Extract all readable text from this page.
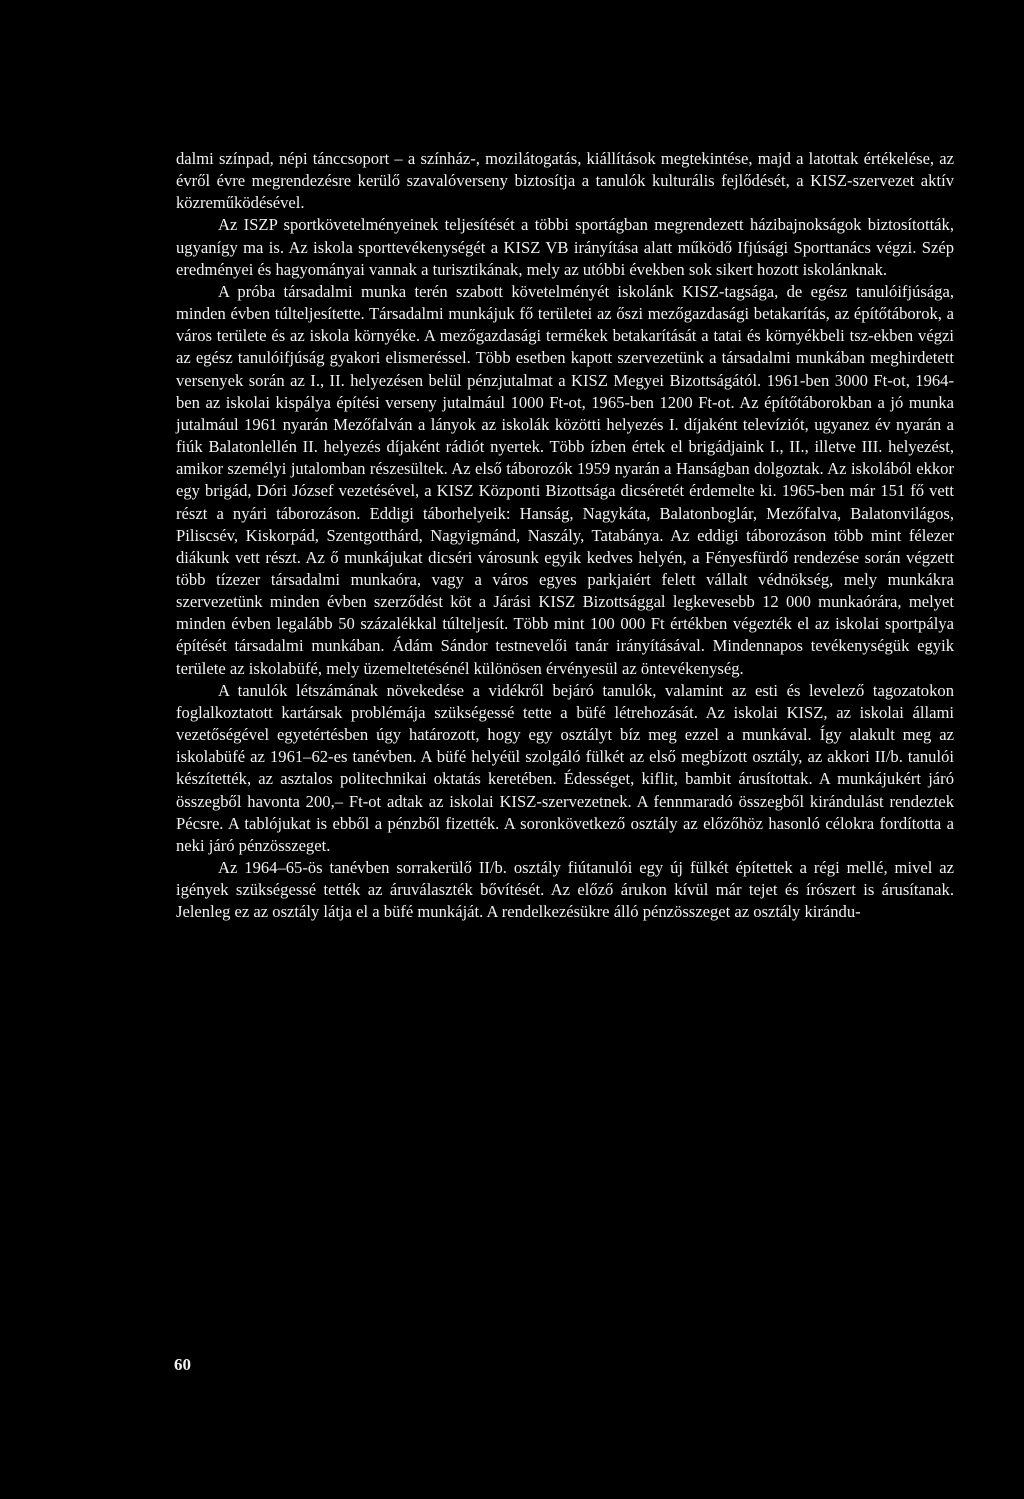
dalmi színpad, népi tánccsoport – a színház-, mozilátogatás, kiállítások megtekintése, majd a latottak értékelése, az évről évre megrendezésre kerülő szavalóverseny biztosítja a tanulók kulturális fejlődését, a KISZ-szervezet aktív közreműködésével.

Az ISZP sportkövetelményeinek teljesítését a többi sportágban megrendezett házibajnokságok biztosították, ugyanígy ma is. Az iskola sporttevékenységét a KISZ VB irányítása alatt működő Ifjúsági Sporttanács végzi. Szép eredményei és hagyományai vannak a turisztikának, mely az utóbbi években sok sikert hozott iskolánknak.

A próba társadalmi munka terén szabott követelményét iskolánk KISZ-tagsága, de egész tanulóifjúsága, minden évben túlteljesítette. Társadalmi munkájuk fő területei az őszi mezőgazdasági betakarítás, az építőtáborok, a város területe és az iskola környéke. A mezőgazdasági termékek betakarítását a tatai és környékbeli tsz-ekben végzi az egész tanulóifjúság gyakori elismeréssel. Több esetben kapott szervezetünk a társadalmi munkában meghirdetett versenyek során az I., II. helyezésen belül pénzjutalmat a KISZ Megyei Bizottságától. 1961-ben 3000 Ft-ot, 1964-ben az iskolai kispálya építési verseny jutalmául 1000 Ft-ot, 1965-ben 1200 Ft-ot. Az építőtáborokban a jó munka jutalmául 1961 nyarán Mezőfalván a lányok az iskolák közötti helyezés I. díjaként televíziót, ugyanez év nyarán a fiúk Balatonlellén II. helyezés díjaként rádiót nyertek. Több ízben értek el brigádjaink I., II., illetve III. helyezést, amikor személyi jutalomban részesültek. Az első táborozók 1959 nyarán a Hanságban dolgoztak. Az iskolából ekkor egy brigád, Dóri József vezetésével, a KISZ Központi Bizottsága dicséretét érdemelte ki. 1965-ben már 151 fő vett részt a nyári táborozáson. Eddigi táborhelyeik: Hanság, Nagykáta, Balatonboglár, Mezőfalva, Balatonvilágos, Piliscsév, Kiskorpád, Szentgotthárd, Nagyigmánd, Naszály, Tatabánya. Az eddigi táborozáson több mint félezer diákunk vett részt. Az ő munkájukat dicséri városunk egyik kedves helyén, a Fényesfürdő rendezése során végzett több tízezer társadalmi munkaóra, vagy a város egyes parkjaiért felett vállalt védnökség, mely munkákra szervezetünk minden évben szerződést köt a Járási KISZ Bizottsággal legkevesebb 12 000 munkaórára, melyet minden évben legalább 50 százalékkal túlteljesít. Több mint 100 000 Ft értékben végezték el az iskolai sportpálya építését társadalmi munkában. Ádám Sándor testnevelői tanár irányításával. Mindennapos tevékenységük egyik területe az iskolabüfé, mely üzemeltetésénél különösen érvényesül az öntevékenység.

A tanulók létszámának növekedése a vidékről bejáró tanulók, valamint az esti és levelező tagozatokon foglalkoztatott kartársak problémája szükségessé tette a büfé létrehozását. Az iskolai KISZ, az iskolai állami vezetőségével egyetértésben úgy határozott, hogy egy osztályt bíz meg ezzel a munkával. Így alakult meg az iskolabüfé az 1961–62-es tanévben. A büfé helyéül szolgáló fülkét az első megbízott osztály, az akkori II/b. tanulói készítették, az asztalos politechnikai oktatás keretében. Édességet, kiflit, bambit árusítottak. A munkájukért járó összegből havonta 200,– Ft-ot adtak az iskolai KISZ-szervezetnek. A fennmaradó összegből kirándulást rendeztek Pécsre. A tablójukat is ebből a pénzből fizették. A soronkövetkező osztály az előzőhöz hasonló célokra fordította a neki járó pénzösszeget.

Az 1964–65-ös tanévben sorrakerülő II/b. osztály fiútanulói egy új fülkét építettek a régi mellé, mivel az igények szükségessé tették az áruválaszték bővítését. Az előző árukon kívül már tejet és írószert is árusítanak. Jelenleg ez az osztály látja el a büfé munkáját. A rendelkezésükre álló pénzösszeget az osztály kirándu-

60
